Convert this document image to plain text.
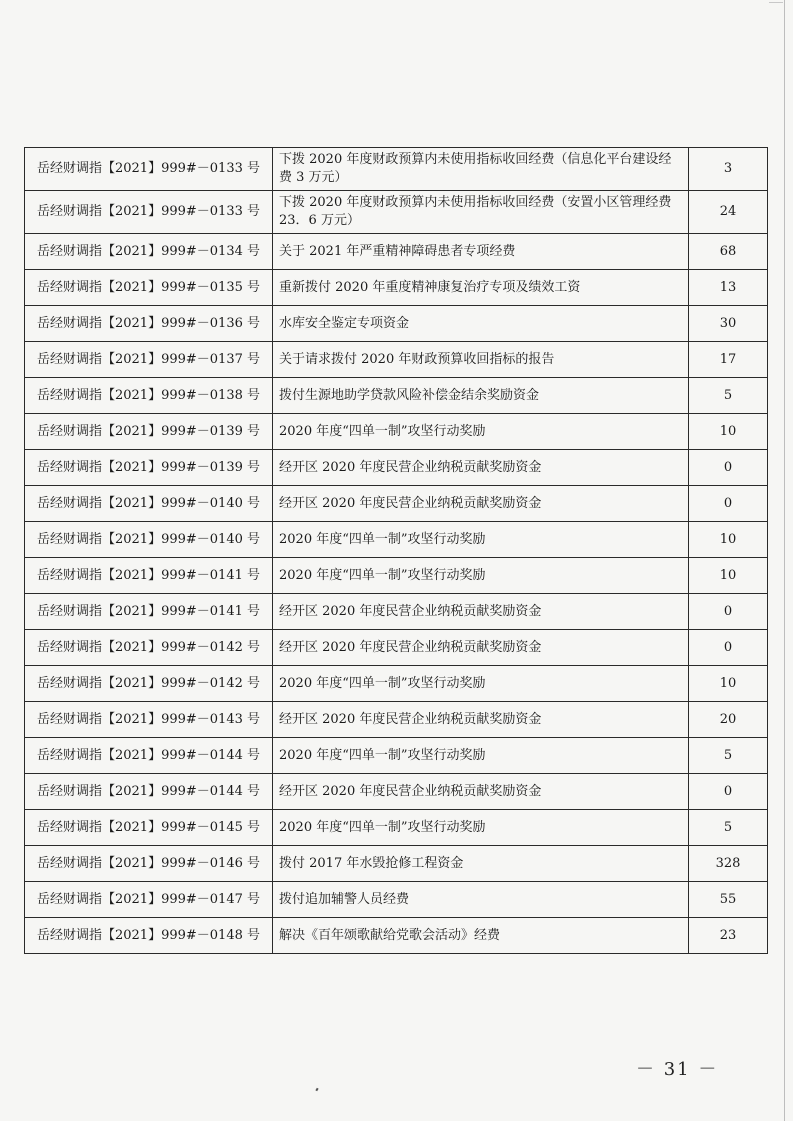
岳经财调指【2021】999#－0133 号	下拨 2020 年度财政预算内未使用指标收回经费（信息化平台建设经费 3 万元）	3
岳经财调指【2021】999#－0133 号	下拨 2020 年度财政预算内未使用指标收回经费（安置小区管理经费 23．6 万元）	24
岳经财调指【2021】999#－0134 号	关于 2021 年严重精神障碍患者专项经费	68
岳经财调指【2021】999#－0135 号	重新拨付 2020 年重度精神康复治疗专项及绩效工资	13
岳经财调指【2021】999#－0136 号	水库安全鉴定专项资金	30
岳经财调指【2021】999#－0137 号	关于请求拨付 2020 年财政预算收回指标的报告	17
岳经财调指【2021】999#－0138 号	拨付生源地助学贷款风险补偿金结余奖励资金	5
岳经财调指【2021】999#－0139 号	2020 年度“四单一制”攻坚行动奖励	10
岳经财调指【2021】999#－0139 号	经开区 2020 年度民营企业纳税贡献奖励资金	0
岳经财调指【2021】999#－0140 号	经开区 2020 年度民营企业纳税贡献奖励资金	0
岳经财调指【2021】999#－0140 号	2020 年度“四单一制”攻坚行动奖励	10
岳经财调指【2021】999#－0141 号	2020 年度“四单一制”攻坚行动奖励	10
岳经财调指【2021】999#－0141 号	经开区 2020 年度民营企业纳税贡献奖励资金	0
岳经财调指【2021】999#－0142 号	经开区 2020 年度民营企业纳税贡献奖励资金	0
岳经财调指【2021】999#－0142 号	2020 年度“四单一制”攻坚行动奖励	10
岳经财调指【2021】999#－0143 号	经开区 2020 年度民营企业纳税贡献奖励资金	20
岳经财调指【2021】999#－0144 号	2020 年度“四单一制”攻坚行动奖励	5
岳经财调指【2021】999#－0144 号	经开区 2020 年度民营企业纳税贡献奖励资金	0
岳经财调指【2021】999#－0145 号	2020 年度“四单一制”攻坚行动奖励	5
岳经财调指【2021】999#－0146 号	拨付 2017 年水毁抢修工程资金	328
岳经财调指【2021】999#－0147 号	拨付追加辅警人员经费	55
岳经财调指【2021】999#－0148 号	解决《百年颂歌献给党歌会活动》经费	23
－ 31 －
